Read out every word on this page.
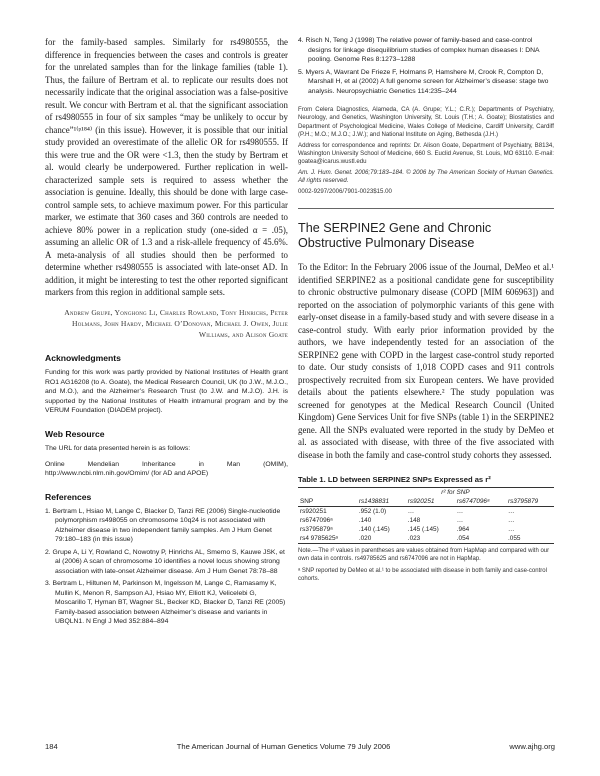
for the family-based samples. Similarly for rs4980555, the difference in frequencies between the cases and controls is greater for the unrelated samples than for the linkage families (table 1). Thus, the failure of Bertram et al. to replicate our results does not necessarily indicate that the original association was a false-positive result. We concur with Bertram et al. that the significant association of rs4980555 in four of six samples “may be unlikely to occur by chance”¹⁽ᵖ¹⁸⁴⁾ (in this issue). However, it is possible that our initial study provided an overestimate of the allelic OR for rs4980555. If this were true and the OR were <1.3, then the study by Bertram et al. would clearly be underpowered. Further replication in well-characterized sample sets is required to assess whether the association is genuine. Ideally, this should be done with large case-control sample sets, to achieve maximum power. For this particular marker, we estimate that 360 cases and 360 controls are needed to achieve 80% power in a replication study (one-sided α = .05), assuming an allelic OR of 1.3 and a risk-allele frequency of 45.6%. A meta-analysis of all studies should then be performed to determine whether rs4980555 is associated with late-onset AD. In addition, it might be interesting to test the other reported significant markers from this region in additional sample sets.

Andrew Grupe, Yonghong Li, Charles Rowland, Tony Hinrichs, Peter Holmans, John Hardy, Michael O’Donovan, Michael J. Owen, Julie Williams, and Alison Goate

Acknowledgments

Funding for this work was partly provided by National Institutes of Health grant RO1 AG16208 (to A. Goate), the Medical Research Council, UK (to J.W., M.J.O., and M.O.), and the Alzheimer’s Research Trust (to J.W. and M.J.O). J.H. is supported by the National Institutes of Health intramural program and by the VERUM Foundation (DIADEM project).

Web Resource

The URL for data presented herein is as follows:

Online Mendelian Inheritance in Man (OMIM), http://www.ncbi.nlm.nih.gov/Omim/ (for AD and APOE)

References
1. Bertram L, Hsiao M, Lange C, Blacker D, Tanzi RE (2006) Single-nucleotide polymorphism rs498055 on chromosome 10q24 is not associated with Alzheimer disease in two independent family samples. Am J Hum Genet 79:180–183 (in this issue)
2. Grupe A, Li Y, Rowland C, Nowotny P, Hinrichs AL, Smemo S, Kauwe JSK, et al (2006) A scan of chromosome 10 identifies a novel locus showing strong association with late-onset Alzheimer disease. Am J Hum Genet 78:78–88
3. Bertram L, Hiltunen M, Parkinson M, Ingelsson M, Lange C, Ramasamy K, Mullin K, Menon R, Sampson AJ, Hsiao MY, Elliott KJ, Velicelebi G, Moscarillo T, Hyman BT, Wagner SL, Becker KD, Blacker D, Tanzi RE (2005) Family-based association between Alzheimer’s disease and variants in UBQLN1. N Engl J Med 352:884–894
4. Risch N, Teng J (1998) The relative power of family-based and case-control designs for linkage disequilibrium studies of complex human diseases I: DNA pooling. Genome Res 8:1273–1288
5. Myers A, Wavrant De Frieze F, Holmans P, Hamshere M, Crook R, Compton D, Marshall H, et al (2002) A full genome screen for Alzheimer’s disease: stage two analysis. Neuropsychiatric Genetics 114:235–244

From Celera Diagnostics, Alameda, CA (A. Grupe; Y.L.; C.R.); Departments of Psychiatry, Neurology, and Genetics, Washington University, St. Louis (T.H.; A. Goate); Biostatistics and Department of Psychological Medicine, Wales College of Medicine, Cardiff University, Cardiff (P.H.; M.O.; M.J.O.; J.W.); and National Institute on Aging, Bethesda (J.H.)

Address for correspondence and reprints: Dr. Alison Goate, Department of Psychiatry, B8134, Washington University School of Medicine, 660 S. Euclid Avenue, St. Louis, MO 63110. E-mail: goatea@icarus.wustl.edu

Am. J. Hum. Genet. 2006;79:183–184. © 2006 by The American Society of Human Genetics. All rights reserved.

0002-9297/2006/7901-0023$15.00

The SERPINE2 Gene and Chronic Obstructive Pulmonary Disease

To the Editor: In the February 2006 issue of the Journal, DeMeo et al.¹ identified SERPINE2 as a positional candidate gene for susceptibility to chronic obstructive pulmonary disease (COPD [MIM 606963]) and reported on the association of polymorphic variants of this gene with early-onset disease in a family-based study and with severe disease in a case-control study. With early prior information provided by the authors, we have independently tested for an association of the SERPINE2 gene with COPD in the largest case-control study reported to date. Our study consists of 1,018 COPD cases and 911 controls prospectively recruited from six European centers. We have provided details about the patients elsewhere.² The study population was screened for genotypes at the Medical Research Council (United Kingdom) Gene Services Unit for five SNPs (table 1) in the SERPINE2 gene. All the SNPs evaluated were reported in the study by DeMeo et al. as associated with disease, with three of the five associated with disease in both the family and case-control study cohorts they assessed.

Table 1. LD between SERPINE2 SNPs Expressed as r²
	r² for SNP			
SNP	rs1438831	rs920251	rs6747096ᵃ	rs3795879
rs920251	.952 (1.0)	…	…	…
rs6747096ᵃ	.140	.148	…	…
rs3795879ᵃ	.140 (.145)	.145 (.145)	.964	…
rs4 9785625ᵃ	.020	.023	.054	.055

Note.—The r² values in parentheses are values obtained from HapMap and compared with our own data in controls. rs49785625 and rs6747096 are not in HapMap.

ᵃ SNP reported by DeMeo et al.¹ to be associated with disease in both family and case-control cohorts.

184	The American Journal of Human Genetics Volume 79 July 2006	www.ajhg.org
